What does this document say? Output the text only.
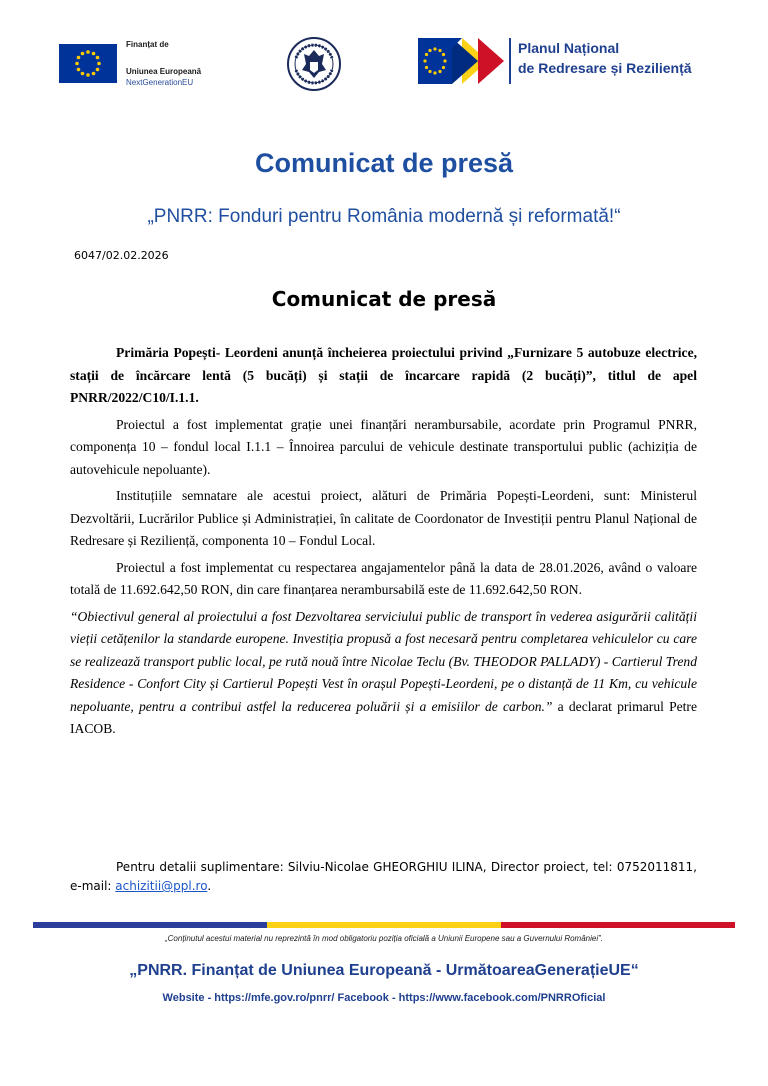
Finanțat de
Uniunea Europeană
NextGenerationEU
Planul Național
de Redresare și Reziliență
Comunicat de presă
„PNRR: Fonduri pentru România modernă și reformată!“
6047/02.02.2026
Comunicat de presă

Primăria Popești- Leordeni anunță încheierea proiectului privind „Furnizare 5 autobuze electrice, stații de încărcare lentă (5 bucăți) și stații de încarcare rapidă (2 bucăți)”, titlul de apel PNRR/2022/C10/I.1.1.

Proiectul a fost implementat grație unei finanțări nerambursabile, acordate prin Programul PNRR, componența 10 – fondul local I.1.1 – Înnoirea parcului de vehicule destinate transportului public (achiziția de autovehicule nepoluante).

Instituțiile semnatare ale acestui proiect, alături de Primăria Popești-Leordeni, sunt: Ministerul Dezvoltării, Lucrărilor Publice și Administrației, în calitate de Coordonator de Investiții pentru Planul Național de Redresare și Reziliență, componenta 10 – Fondul Local.

Proiectul a fost implementat cu respectarea angajamentelor până la data de 28.01.2026, având o valoare totală de 11.692.642,50 RON, din care finanțarea nerambursabilă este de 11.692.642,50 RON.

“Obiectivul general al proiectului a fost Dezvoltarea serviciului public de transport în vederea asigurării calității vieții cetățenilor la standarde europene. Investiția propusă a fost necesară pentru completarea vehiculelor cu care se realizează transport public local, pe rută nouă între Nicolae Teclu (Bv. THEODOR PALLADY) - Cartierul Trend Residence - Confort City și Cartierul Popești Vest în orașul Popești-Leordeni, pe o distanță de 11 Km, cu vehicule nepoluante, pentru a contribui astfel la reducerea poluării și a emisiilor de carbon.” a declarat primarul Petre IACOB.

Pentru detalii suplimentare: Silviu-Nicolae GHEORGHIU ILINA, Director proiect, tel: 0752011811, e-mail: achizitii@ppl.ro.
„Conținutul acestui material nu reprezintă în mod obligatoriu poziția oficială a Uniunii Europene sau a Guvernului României”.
„PNRR. Finanțat de Uniunea Europeană - UrmătoareaGenerațieUE“
Website - https://mfe.gov.ro/pnrr/ Facebook - https://www.facebook.com/PNRROficial
